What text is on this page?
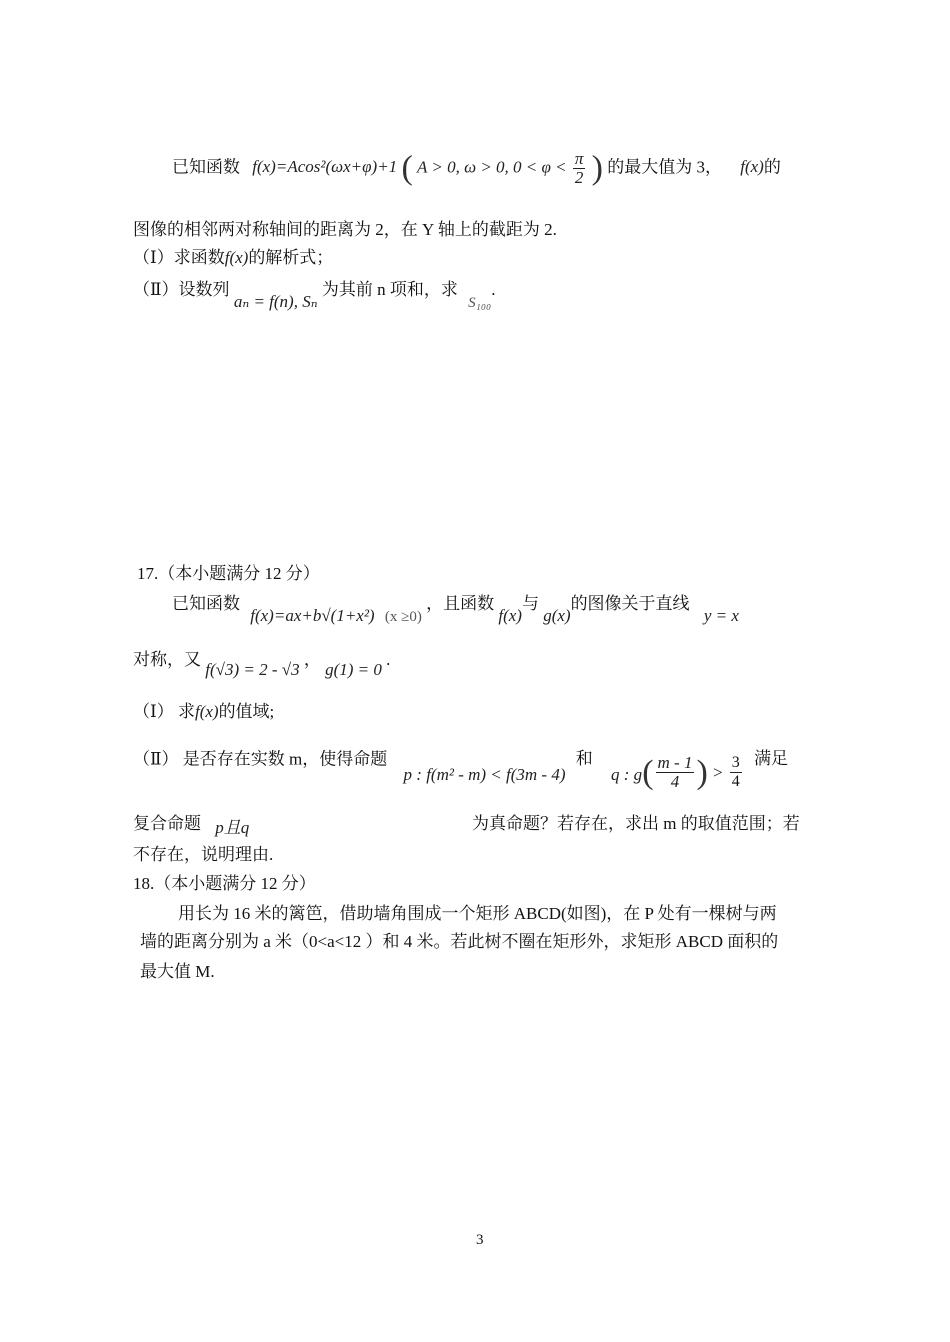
已知函数 f(x)=Acos²(ωx+φ)+1 ( A > 0, ω > 0, $0 < \varphi < \frac{\pi}{2}$ ) 的最大值为 3， f(x)的
图像的相邻两对称轴间的距离为 2，在 Y 轴上的截距为 2.
（Ⅰ）求函数f(x)的解析式；
（Ⅱ）设数列 aₙ = f(n), Sₙ 为其前 n 项和，求 S₁₀₀.
17.（本小题满分 12 分）
已知函数 f(x)=ax+b√(1+x²) (x ≥0) ，且函数 f(x)与 g(x)的图像关于直线 y = x
对称，又 f(√3) = 2 - √3 ， g(1) = 0 .
（Ⅰ） 求f(x)的值域;
（Ⅱ） 是否存在实数 m，使得命题 p : f(m² - m) < f(3m - 4) 和 q : $g( \frac{m - 1}{4}$ ) > $\frac{3}{4}$ 满足
复合命题 p且q	为真命题？若存在，求出 m 的取值范围；若
不存在，说明理由.
18.（本小题满分 12 分）
用长为 16 米的篱笆，借助墙角围成一个矩形 ABCD(如图)，在 P 处有一棵树与两
墙的距离分别为 a 米（0<a<12 ）和 4 米。若此树不圈在矩形外，求矩形 ABCD 面积的
最大值 M.
3
